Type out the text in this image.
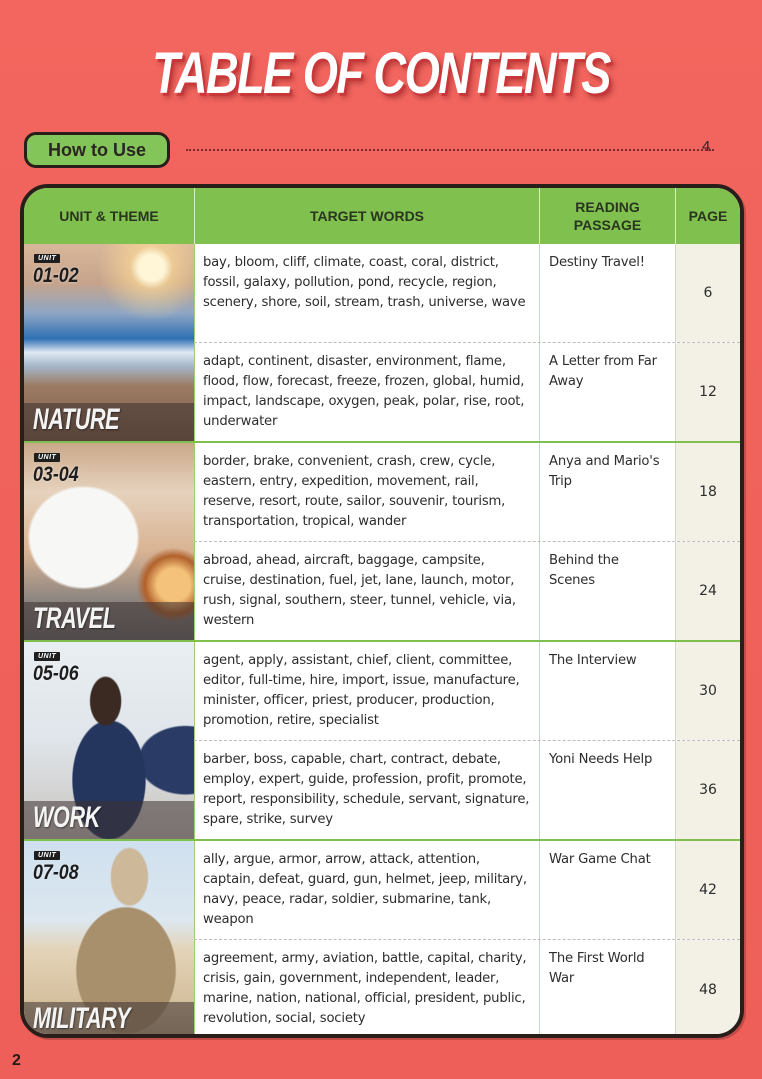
TABLE OF CONTENTS
How to Use	4
UNIT & THEME	TARGET WORDS
READING PASSAGE
PAGE
UNIT
01-02
NATURE
bay, bloom, cliff, climate, coast, coral, district, fossil, galaxy, pollution, pond, recycle, region, scenery, shore, soil, stream, trash, universe, wave
Destiny Travel!
6
adapt, continent, disaster, environment, flame, flood, flow, forecast, freeze, frozen, global, humid, impact, landscape, oxygen, peak, polar, rise, root, underwater
A Letter from Far Away
12
UNIT
03-04
TRAVEL
border, brake, convenient, crash, crew, cycle, eastern, entry, expedition, movement, rail, reserve, resort, route, sailor, souvenir, tourism, transportation, tropical, wander
Anya and Mario's Trip
18
abroad, ahead, aircraft, baggage, campsite, cruise, destination, fuel, jet, lane, launch, motor, rush, signal, southern, steer, tunnel, vehicle, via, western
Behind the Scenes
24
UNIT
05-06
WORK
agent, apply, assistant, chief, client, committee, editor, full-time, hire, import, issue, manufacture, minister, officer, priest, producer, production, promotion, retire, specialist
The Interview
30
barber, boss, capable, chart, contract, debate, employ, expert, guide, profession, profit, promote, report, responsibility, schedule, servant, signature, spare, strike, survey
Yoni Needs Help
36
UNIT
07-08
MILITARY
ally, argue, armor, arrow, attack, attention, captain, defeat, guard, gun, helmet, jeep, military, navy, peace, radar, soldier, submarine, tank, weapon
War Game Chat
42
agreement, army, aviation, battle, capital, charity, crisis, gain, government, independent, leader, marine, nation, national, official, president, public, revolution, social, society
The First World War
48
2
